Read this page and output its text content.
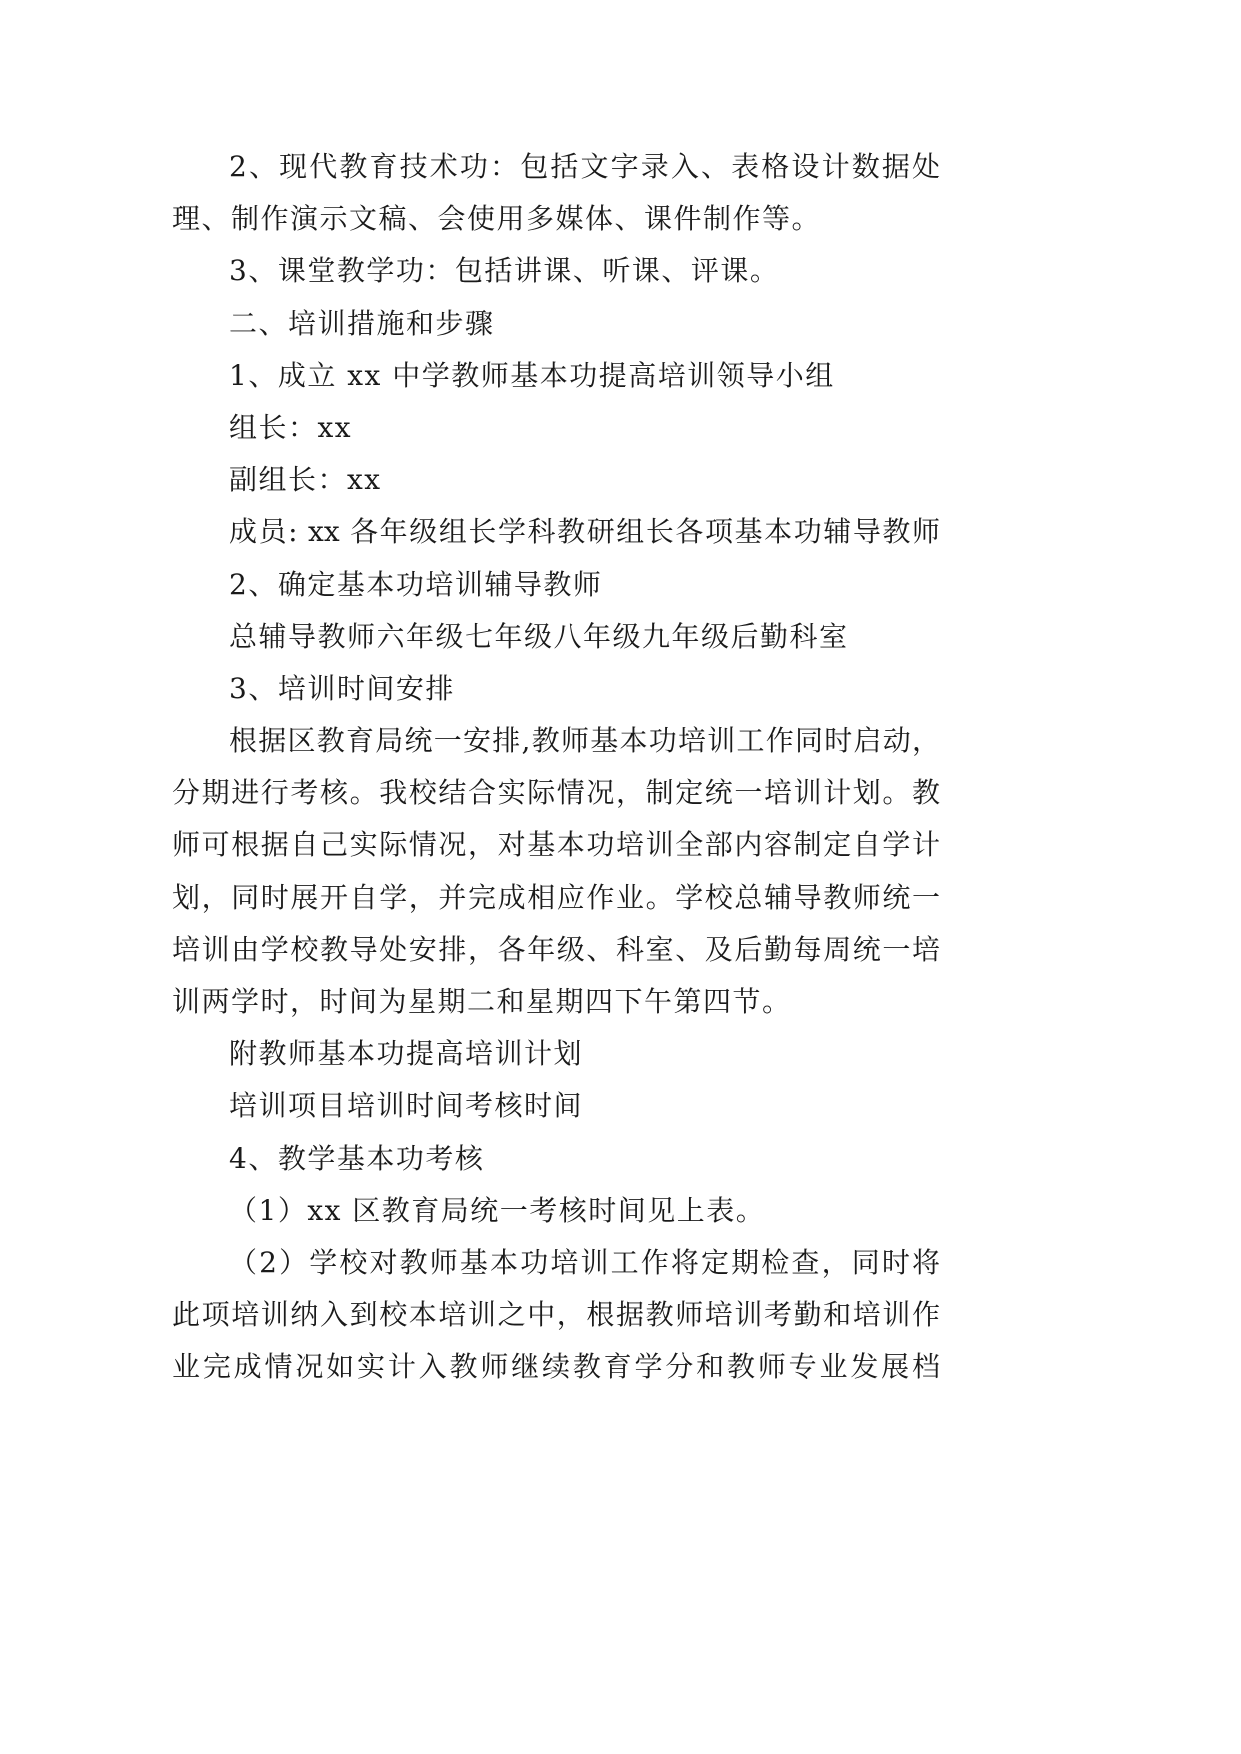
2、现代教育技术功：包括文字录入、表格设计数据处
理、制作演示文稿、会使用多媒体、课件制作等。
3、课堂教学功：包括讲课、听课、评课。
二、培训措施和步骤
1、成立 xx 中学教师基本功提高培训领导小组
组长：xx
副组长：xx
成员: xx 各年级组长学科教研组长各项基本功辅导教师
2、确定基本功培训辅导教师
总辅导教师六年级七年级八年级九年级后勤科室
3、培训时间安排
根据区教育局统一安排,教师基本功培训工作同时启动，
分期进行考核。我校结合实际情况，制定统一培训计划。教
师可根据自己实际情况，对基本功培训全部内容制定自学计
划，同时展开自学，并完成相应作业。学校总辅导教师统一
培训由学校教导处安排，各年级、科室、及后勤每周统一培
训两学时，时间为星期二和星期四下午第四节。
附教师基本功提高培训计划
培训项目培训时间考核时间
4、教学基本功考核
（1）xx 区教育局统一考核时间见上表。
（2）学校对教师基本功培训工作将定期检查，同时将
此项培训纳入到校本培训之中，根据教师培训考勤和培训作
业完成情况如实计入教师继续教育学分和教师专业发展档
